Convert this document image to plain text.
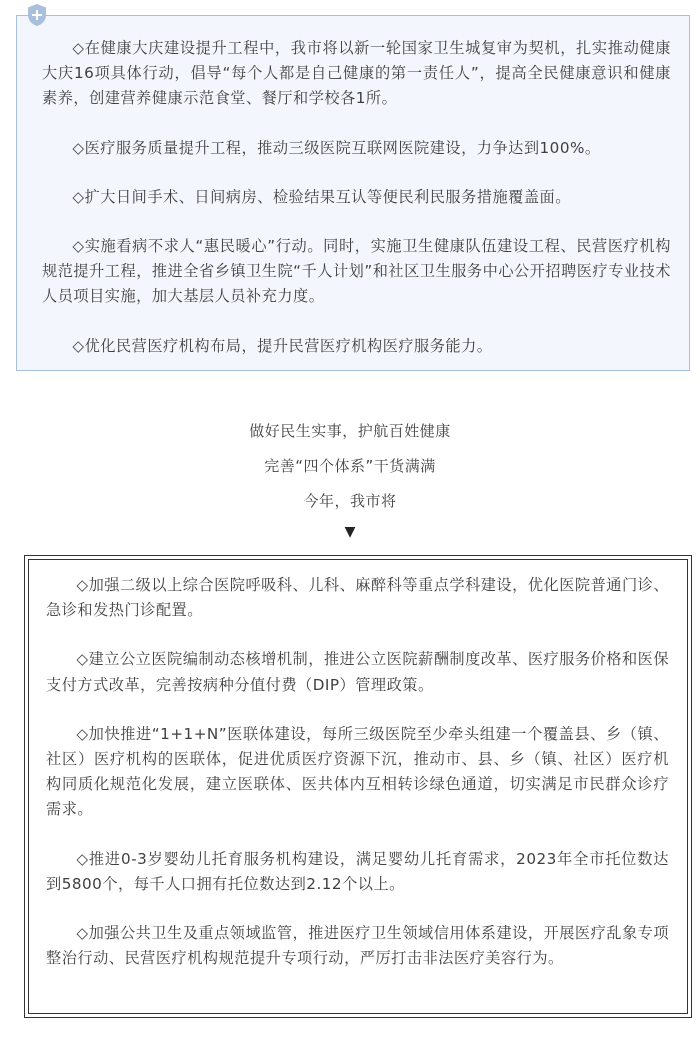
◇在健康大庆建设提升工程中，我市将以新一轮国家卫生城复审为契机，扎实推动健康大庆16项具体行动，倡导“每个人都是自己健康的第一责任人”，提高全民健康意识和健康素养，创建营养健康示范食堂、餐厅和学校各1所。

◇医疗服务质量提升工程，推动三级医院互联网医院建设，力争达到100%。

◇扩大日间手术、日间病房、检验结果互认等便民利民服务措施覆盖面。

◇实施看病不求人“惠民暖心”行动。同时，实施卫生健康队伍建设工程、民营医疗机构规范提升工程，推进全省乡镇卫生院“千人计划”和社区卫生服务中心公开招聘医疗专业技术人员项目实施，加大基层人员补充力度。

◇优化民营医疗机构布局，提升民营医疗机构医疗服务能力。

做好民生实事，护航百姓健康
完善“四个体系”干货满满
今年，我市将
▼

◇加强二级以上综合医院呼吸科、儿科、麻醉科等重点学科建设，优化医院普通门诊、急诊和发热门诊配置。

◇建立公立医院编制动态核增机制，推进公立医院薪酬制度改革、医疗服务价格和医保支付方式改革，完善按病种分值付费（DIP）管理政策。

◇加快推进“1+1+N”医联体建设，每所三级医院至少牵头组建一个覆盖县、乡（镇、社区）医疗机构的医联体，促进优质医疗资源下沉，推动市、县、乡（镇、社区）医疗机构同质化规范化发展，建立医联体、医共体内互相转诊绿色通道，切实满足市民群众诊疗需求。

◇推进0-3岁婴幼儿托育服务机构建设，满足婴幼儿托育需求，2023年全市托位数达到5800个，每千人口拥有托位数达到2.12个以上。

◇加强公共卫生及重点领域监管，推进医疗卫生领域信用体系建设，开展医疗乱象专项整治行动、民营医疗机构规范提升专项行动，严厉打击非法医疗美容行为。
